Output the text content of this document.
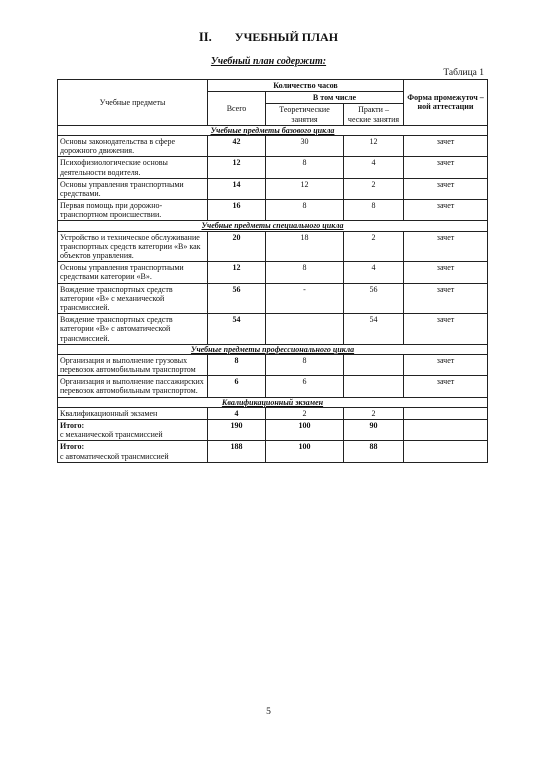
II. УЧЕБНЫЙ ПЛАН
Учебный план содержит:
Таблица 1
Учебные предметы	Количество часов			Форма промежуточ – ной аттестации
	Всего	В том числе		
		Теоретические занятия	Практи – ческие занятия	
Учебные предметы базового цикла				
Основы законодательства в сфере дорожного движения.	42	30	12	зачет
Психофизиологические основы деятельности водителя.	12	8	4	зачет
Основы управления транспортными средствами.	14	12	2	зачет
Первая помощь при дорожно-транспортном происшествии.	16	8	8	зачет
Учебные предметы специального цикла				
Устройство и техническое обслуживание транспортных средств категории «В» как объектов управления.	20	18	2	зачет
Основы управления транспортными средствами категории «В».	12	8	4	зачет
Вождение транспортных средств категории «В» с механической трансмиссией.	56	-	56	зачет
Вождение транспортных средств категории «В» с автоматической трансмиссией.	54		54	зачет
Учебные предметы профессионального цикла				
Организация и выполнение грузовых перевозок автомобильным транспортом	8	8		зачет
Организация и выполнение пассажирских перевозок автомобильным транспортом.	6	6		зачет
Квалификационный экзамен				
Квалификационный экзамен	4	2	2	

Итого:
с механической трансмиссией	190	100	90	

Итого:
с автоматической трансмиссией	188	100	88	
5
